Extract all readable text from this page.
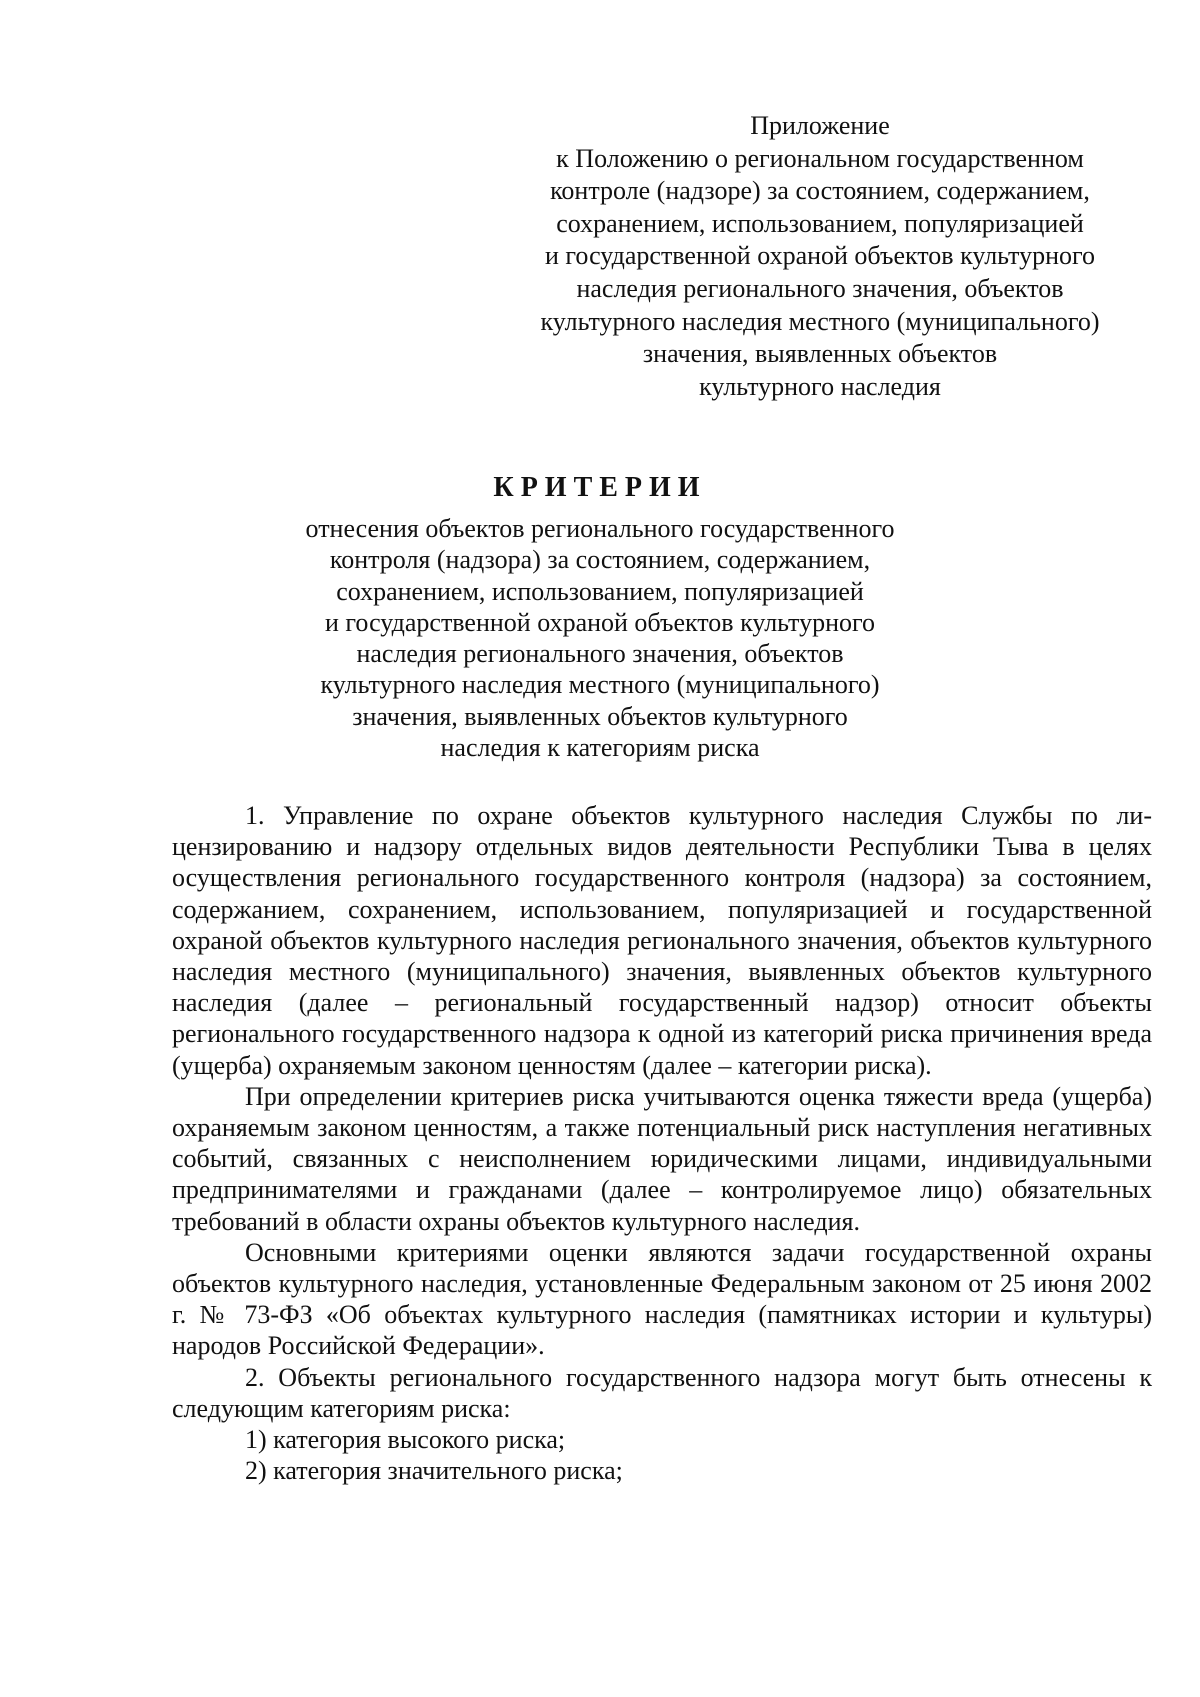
Приложение
к Положению о региональном государственном
контроле (надзоре) за состоянием, содержанием,
сохранением, использованием, популяризацией
и государственной охраной объектов культурного
наследия регионального значения, объектов
культурного наследия местного (муниципального)
значения, выявленных объектов
культурного наследия
КРИТЕРИИ
отнесения объектов регионального государственного
контроля (надзора) за состоянием, содержанием,
сохранением, использованием, популяризацией
и государственной охраной объектов культурного
наследия регионального значения, объектов
культурного наследия местного (муниципального)
значения, выявленных объектов культурного
наследия к категориям риска

1. Управление по охране объектов культурного наследия Службы по лицензированию и надзору отдельных видов деятельности Республики Тыва в целях осуществления регионального государственного контроля (надзора) за состоянием, содержанием, сохранением, использованием, популяризацией и государственной охраной объектов культурного наследия регионального значения, объектов культурного наследия местного (муниципального) значения, выявленных объектов культурного наследия (далее – региональный государственный надзор) относит объекты регионального государственного надзора к одной из категорий риска причинения вреда (ущерба) охраняемым законом ценностям (далее – категории риска).

При определении критериев риска учитываются оценка тяжести вреда (ущерба) охраняемым законом ценностям, а также потенциальный риск наступления негативных событий, связанных с неисполнением юридическими лицами, индивидуальными предпринимателями и гражданами (далее – контролируемое лицо) обязательных требований в области охраны объектов культурного наследия.

Основными критериями оценки являются задачи государственной охраны объектов культурного наследия, установленные Федеральным законом от 25 июня 2002 г. № 73-ФЗ «Об объектах культурного наследия (памятниках истории и культуры) народов Российской Федерации».

2. Объекты регионального государственного надзора могут быть отнесены к следующим категориям риска:

1) категория высокого риска;

2) категория значительного риска;
